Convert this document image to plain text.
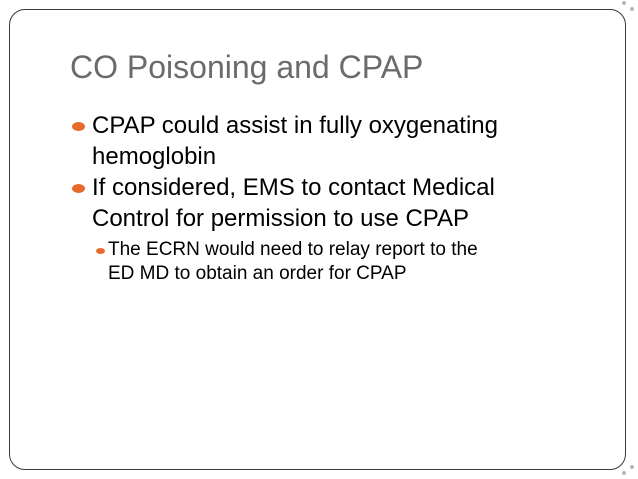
CO Poisoning and CPAP
CPAP could assist in fully oxygenating
hemoglobin
If considered, EMS to contact Medical
Control for permission to use CPAP
The ECRN would need to relay report to the
ED MD to obtain an order for CPAP
